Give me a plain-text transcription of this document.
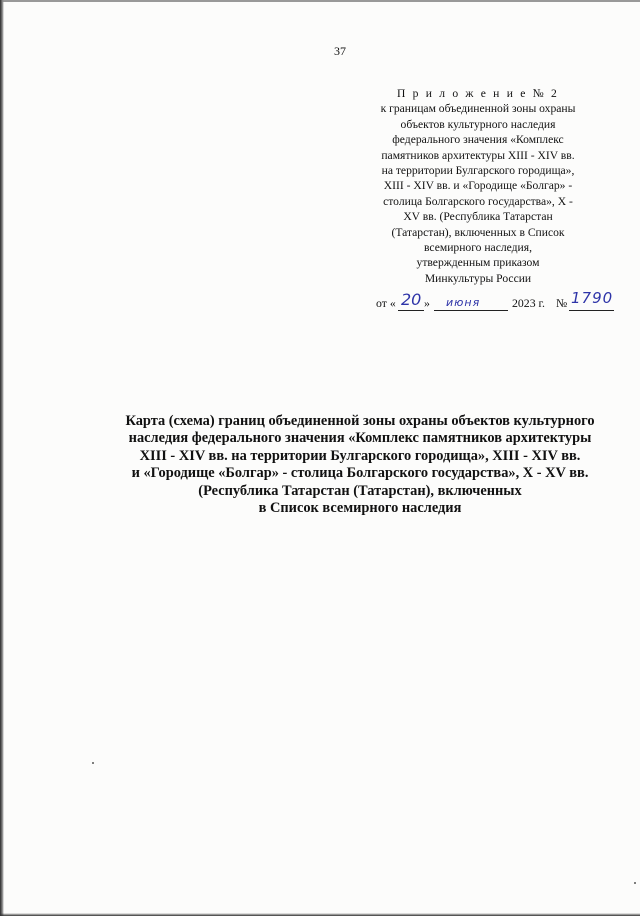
37
П р и л о ж е н и е № 2
к границам объединенной зоны охраны
объектов культурного наследия
федерального значения «Комплекс
памятников архитектуры XIII - XIV вв.
на территории Булгарского городища»,
XIII - XIV вв. и «Городище «Болгар» -
столица Болгарского государства», X -
XV вв. (Республика Татарстан
(Татарстан), включенных в Список
всемирного наследия,
утвержденным приказом
Минкультуры России
от « 20 » июня	2023 г. № 1790
Карта (схема) границ объединенной зоны охраны объектов культурного
наследия федерального значения «Комплекс памятников архитектуры
XIII - XIV вв. на территории Булгарского городища», XIII - XIV вв.
и «Городище «Болгар» - столица Болгарского государства», X - XV вв.
(Республика Татарстан (Татарстан), включенных
в Список всемирного наследия
